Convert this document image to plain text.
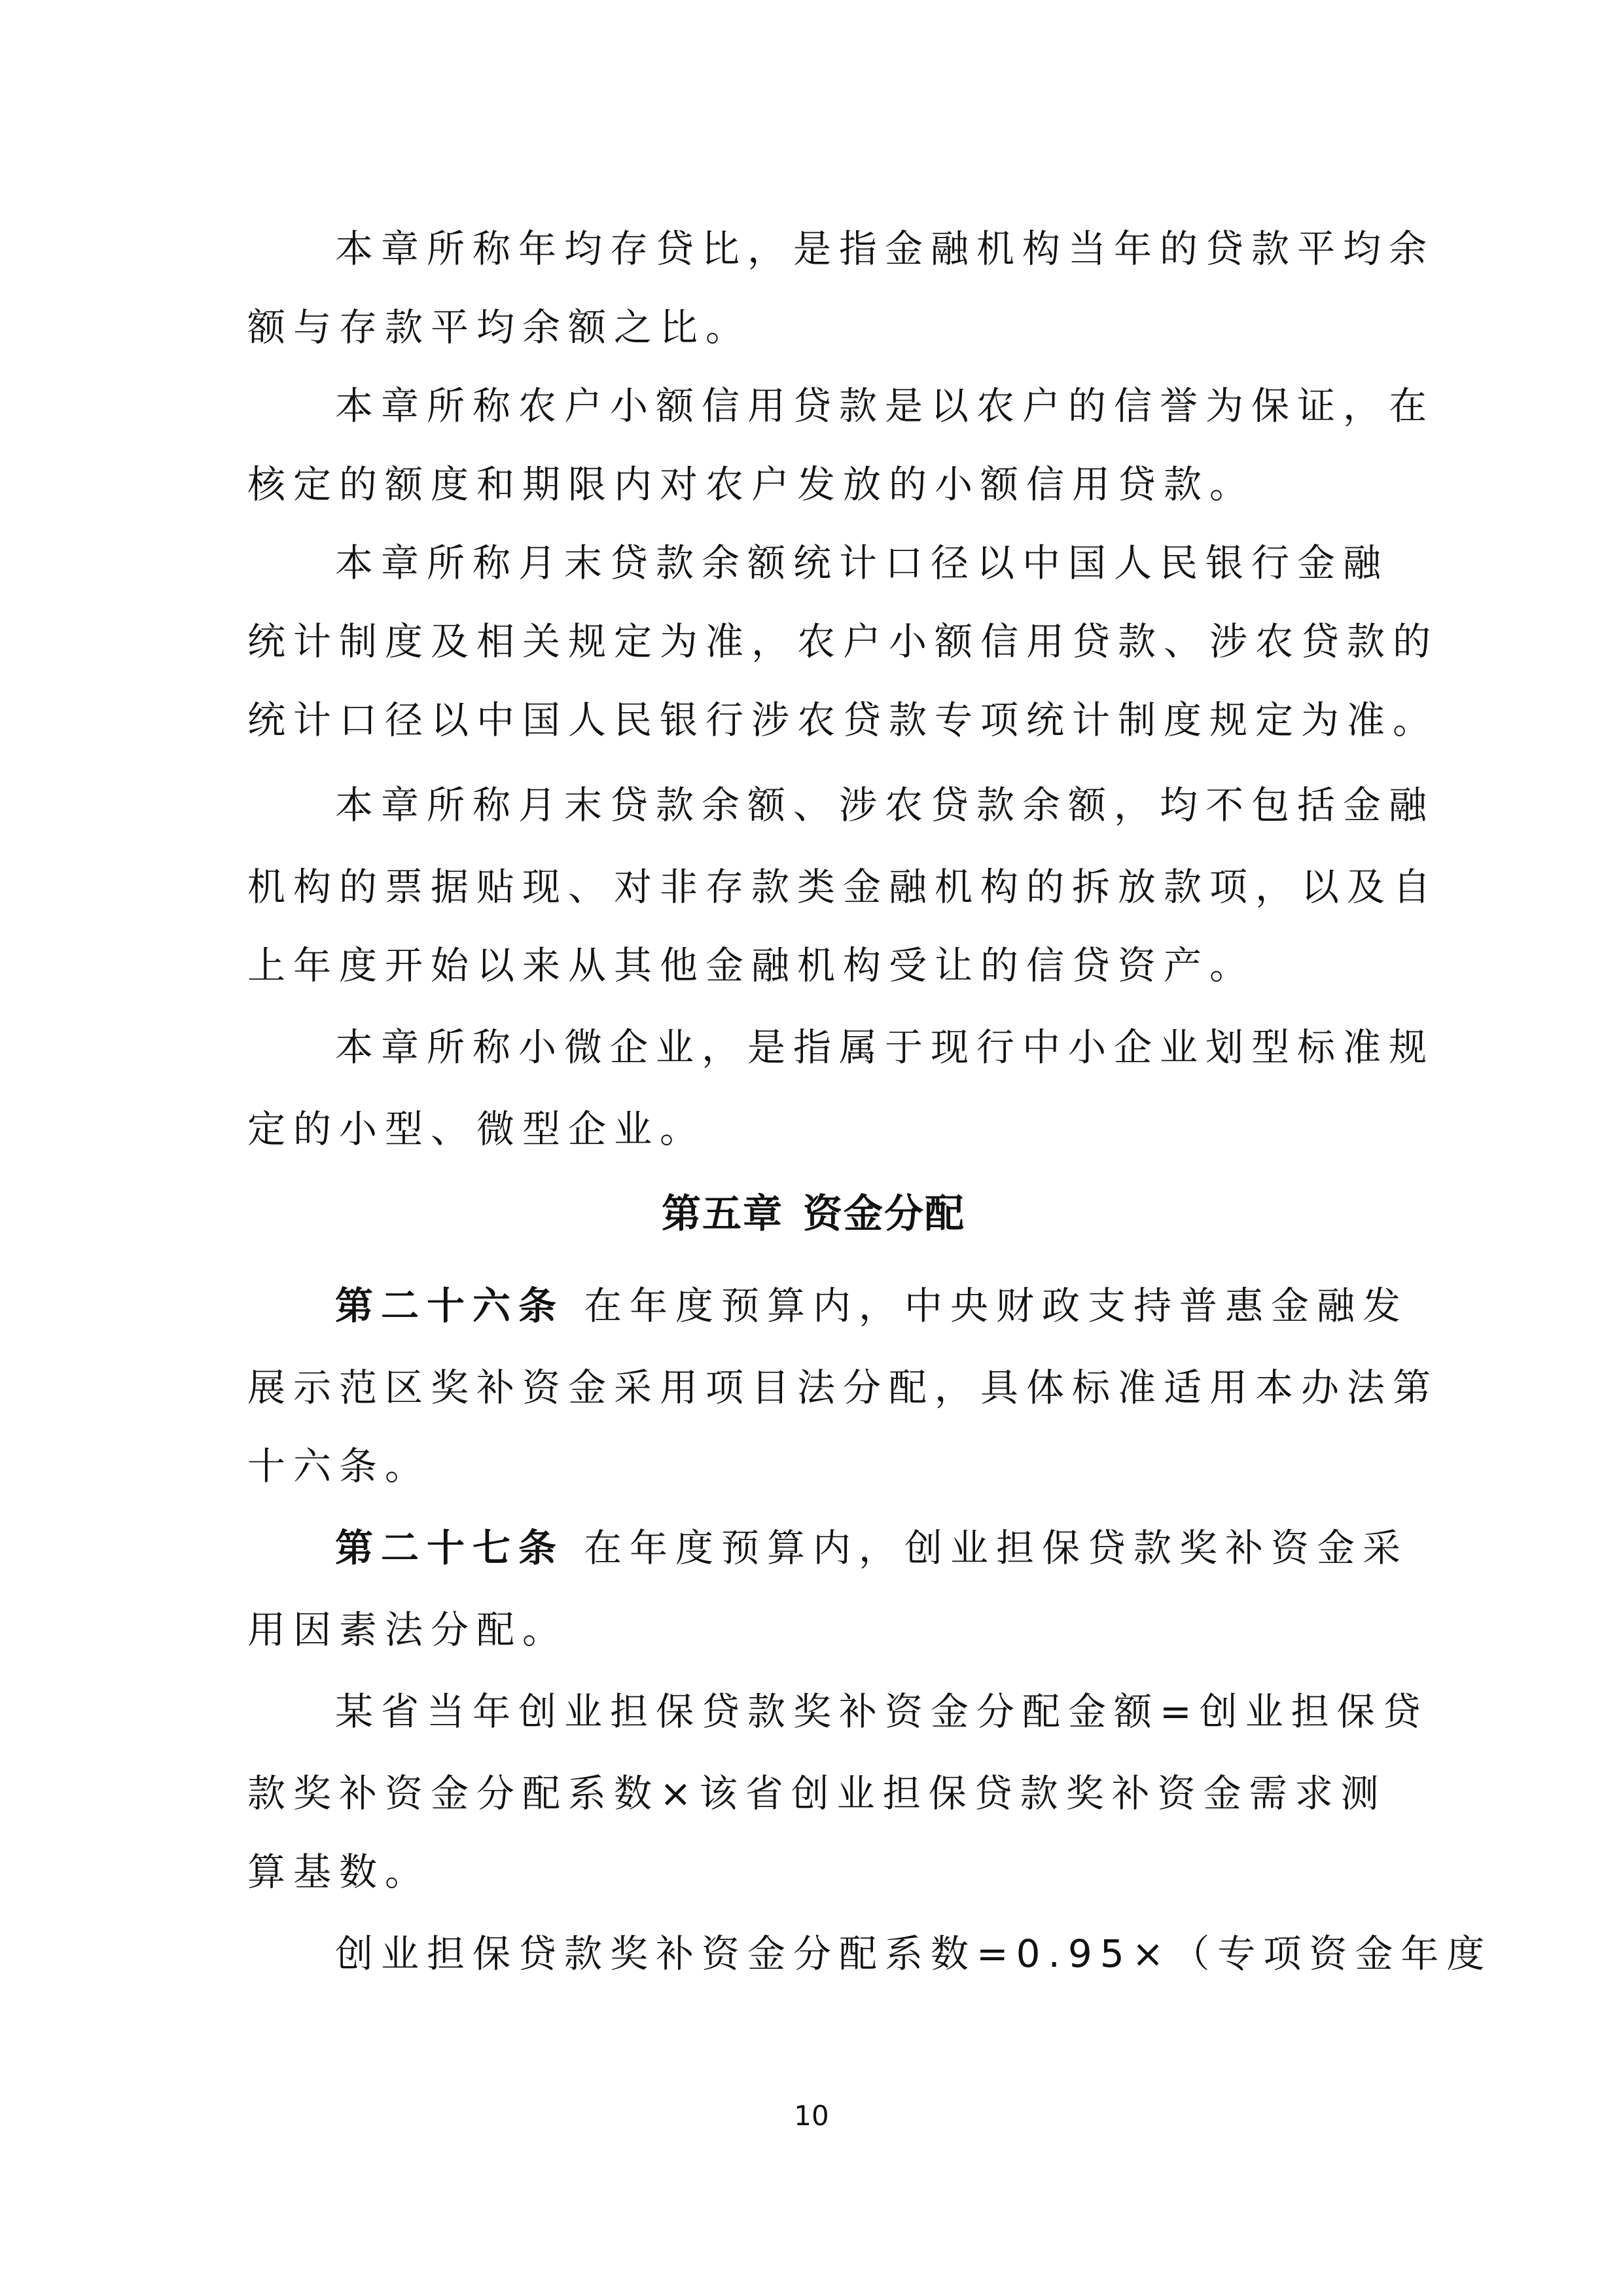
本章所称年均存贷比，是指金融机构当年的贷款平均余
额与存款平均余额之比。
本章所称农户小额信用贷款是以农户的信誉为保证，在
核定的额度和期限内对农户发放的小额信用贷款。
本章所称月末贷款余额统计口径以中国人民银行金融
统计制度及相关规定为准，农户小额信用贷款、涉农贷款的
统计口径以中国人民银行涉农贷款专项统计制度规定为准。
本章所称月末贷款余额、涉农贷款余额，均不包括金融
机构的票据贴现、对非存款类金融机构的拆放款项，以及自
上年度开始以来从其他金融机构受让的信贷资产。
本章所称小微企业，是指属于现行中小企业划型标准规
定的小型、微型企业。
第五章 资金分配
第二十六条 在年度预算内，中央财政支持普惠金融发
展示范区奖补资金采用项目法分配，具体标准适用本办法第
十六条。
第二十七条 在年度预算内，创业担保贷款奖补资金采
用因素法分配。
某省当年创业担保贷款奖补资金分配金额=创业担保贷
款奖补资金分配系数×该省创业担保贷款奖补资金需求测
算基数。
创业担保贷款奖补资金分配系数=0.95×（专项资金年度
10
